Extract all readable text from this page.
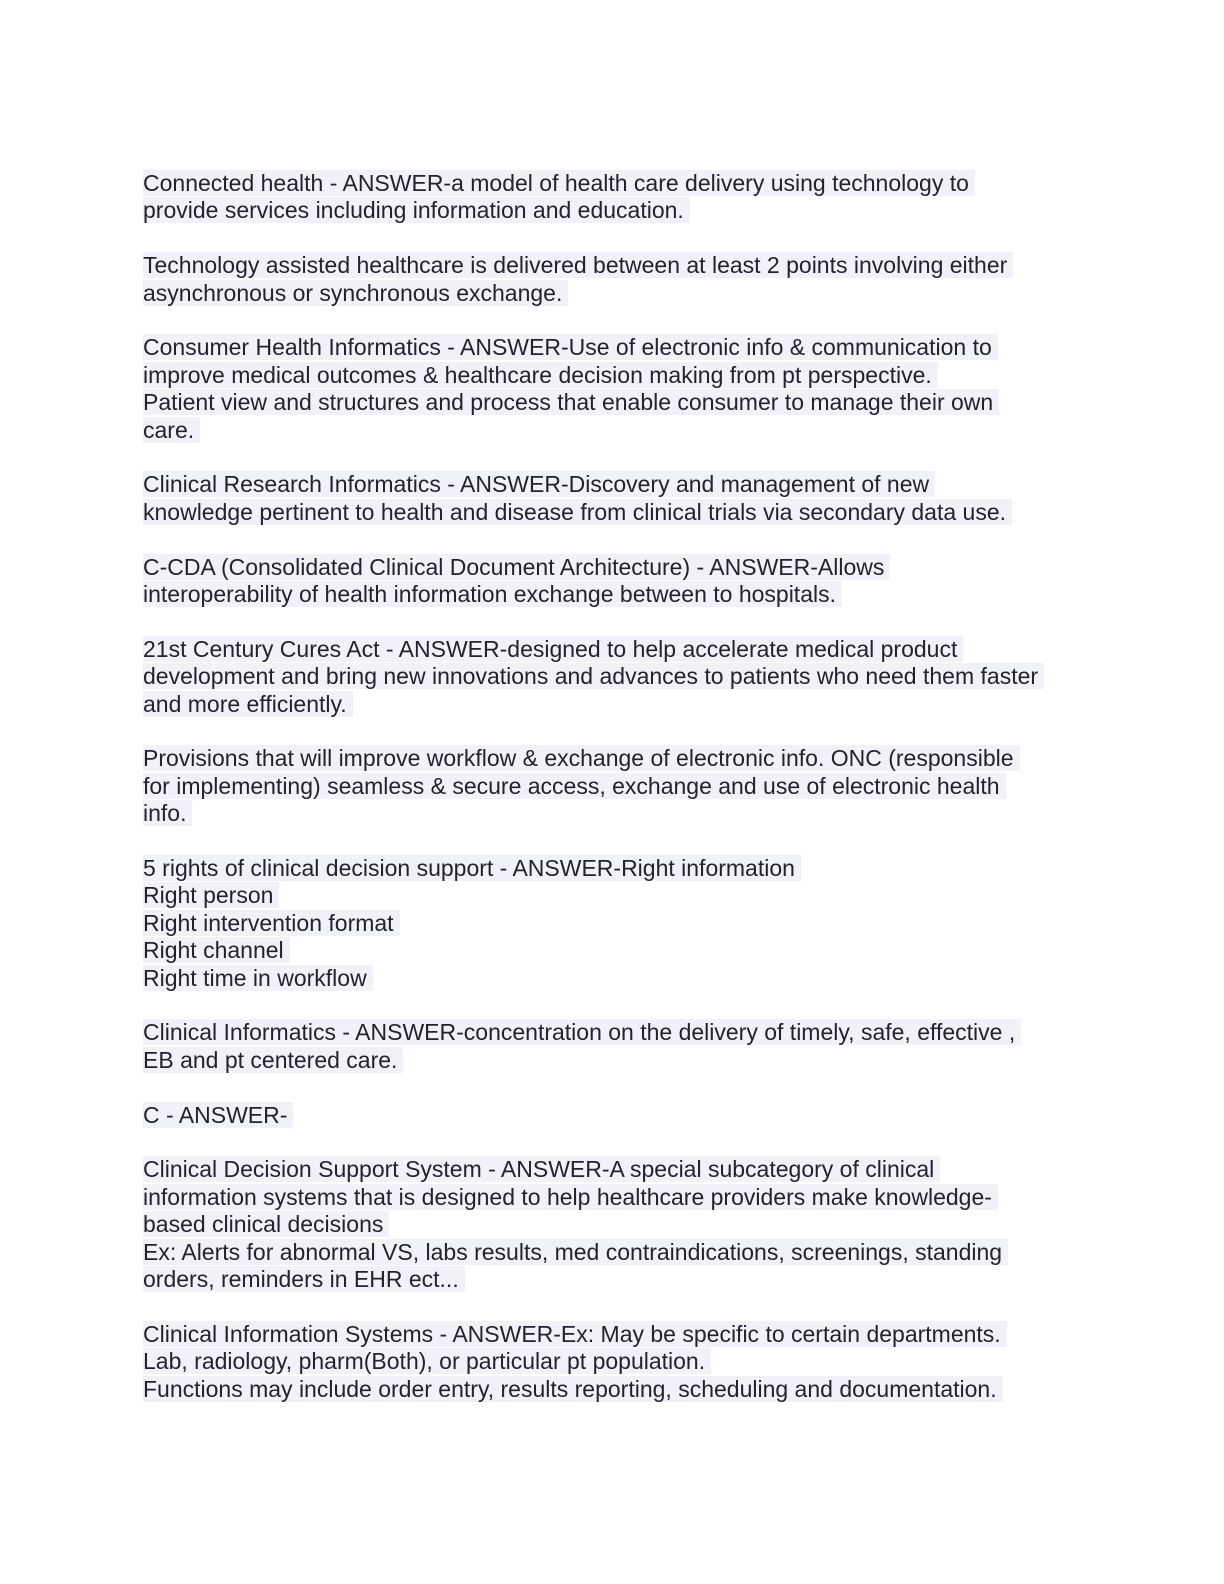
Connected health - ANSWER-a model of health care delivery using technology to
provide services including information and education.
Technology assisted healthcare is delivered between at least 2 points involving either
asynchronous or synchronous exchange.
Consumer Health Informatics - ANSWER-Use of electronic info & communication to
improve medical outcomes & healthcare decision making from pt perspective.
Patient view and structures and process that enable consumer to manage their own
care.
Clinical Research Informatics - ANSWER-Discovery and management of new
knowledge pertinent to health and disease from clinical trials via secondary data use.
C-CDA (Consolidated Clinical Document Architecture) - ANSWER-Allows
interoperability of health information exchange between to hospitals.
21st Century Cures Act - ANSWER-designed to help accelerate medical product
development and bring new innovations and advances to patients who need them faster
and more efficiently.
Provisions that will improve workflow & exchange of electronic info. ONC (responsible
for implementing) seamless & secure access, exchange and use of electronic health
info.
5 rights of clinical decision support - ANSWER-Right information
Right person
Right intervention format
Right channel
Right time in workflow
Clinical Informatics - ANSWER-concentration on the delivery of timely, safe, effective ,
EB and pt centered care.
C - ANSWER-
Clinical Decision Support System - ANSWER-A special subcategory of clinical
information systems that is designed to help healthcare providers make knowledge-
based clinical decisions
Ex: Alerts for abnormal VS, labs results, med contraindications, screenings, standing
orders, reminders in EHR ect...
Clinical Information Systems - ANSWER-Ex: May be specific to certain departments.
Lab, radiology, pharm(Both), or particular pt population.
Functions may include order entry, results reporting, scheduling and documentation.
